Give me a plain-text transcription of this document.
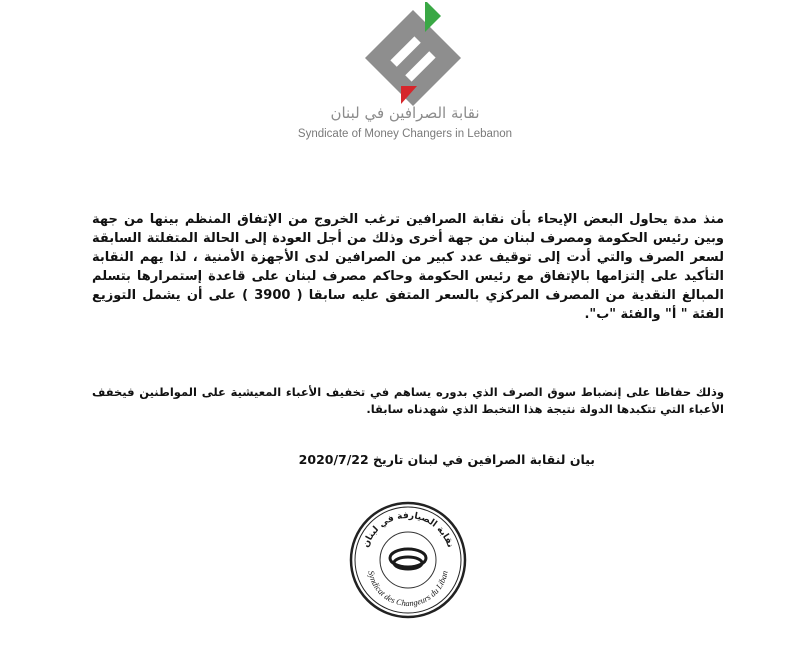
نقابة الصرافين في لبنان
Syndicate of Money Changers in Lebanon
منذ مدة يحاول البعض الإيحاء بأن نقابة الصرافين ترغب الخروج من الإتفاق المنظم بينها من جهة وبين رئيس الحكومة ومصرف لبنان من جهة أخرى وذلك من أجل العودة إلى الحالة المتفلتة السابقة لسعر الصرف والتي أدت إلى توقيف عدد كبير من الصرافين لدى الأجهزة الأمنية ، لذا يهم النقابة التأكيد على إلتزامها بالإتفاق مع رئيس الحكومة وحاكم مصرف لبنان على قاعدة إستمرارها بتسلم المبالغ النقدية من المصرف المركزي بالسعر المتفق عليه سابقا ( 3900 ) على أن يشمل التوزيع الفئة " أ" والفئة "ب".
وذلك حفاظا على إنضباط سوق الصرف الذي بدوره يساهم في تخفيف الأعباء المعيشية على المواطنين فيخفف الأعباء التي تتكبدها الدولة نتيجة هذا التخبط الذي شهدناه سابقا.
بيان لنقابة الصرافين في لبنان تاريخ 2020/7/22
نقابة الصيارفة في لبنان
Syndicat des Changeurs du Liban
